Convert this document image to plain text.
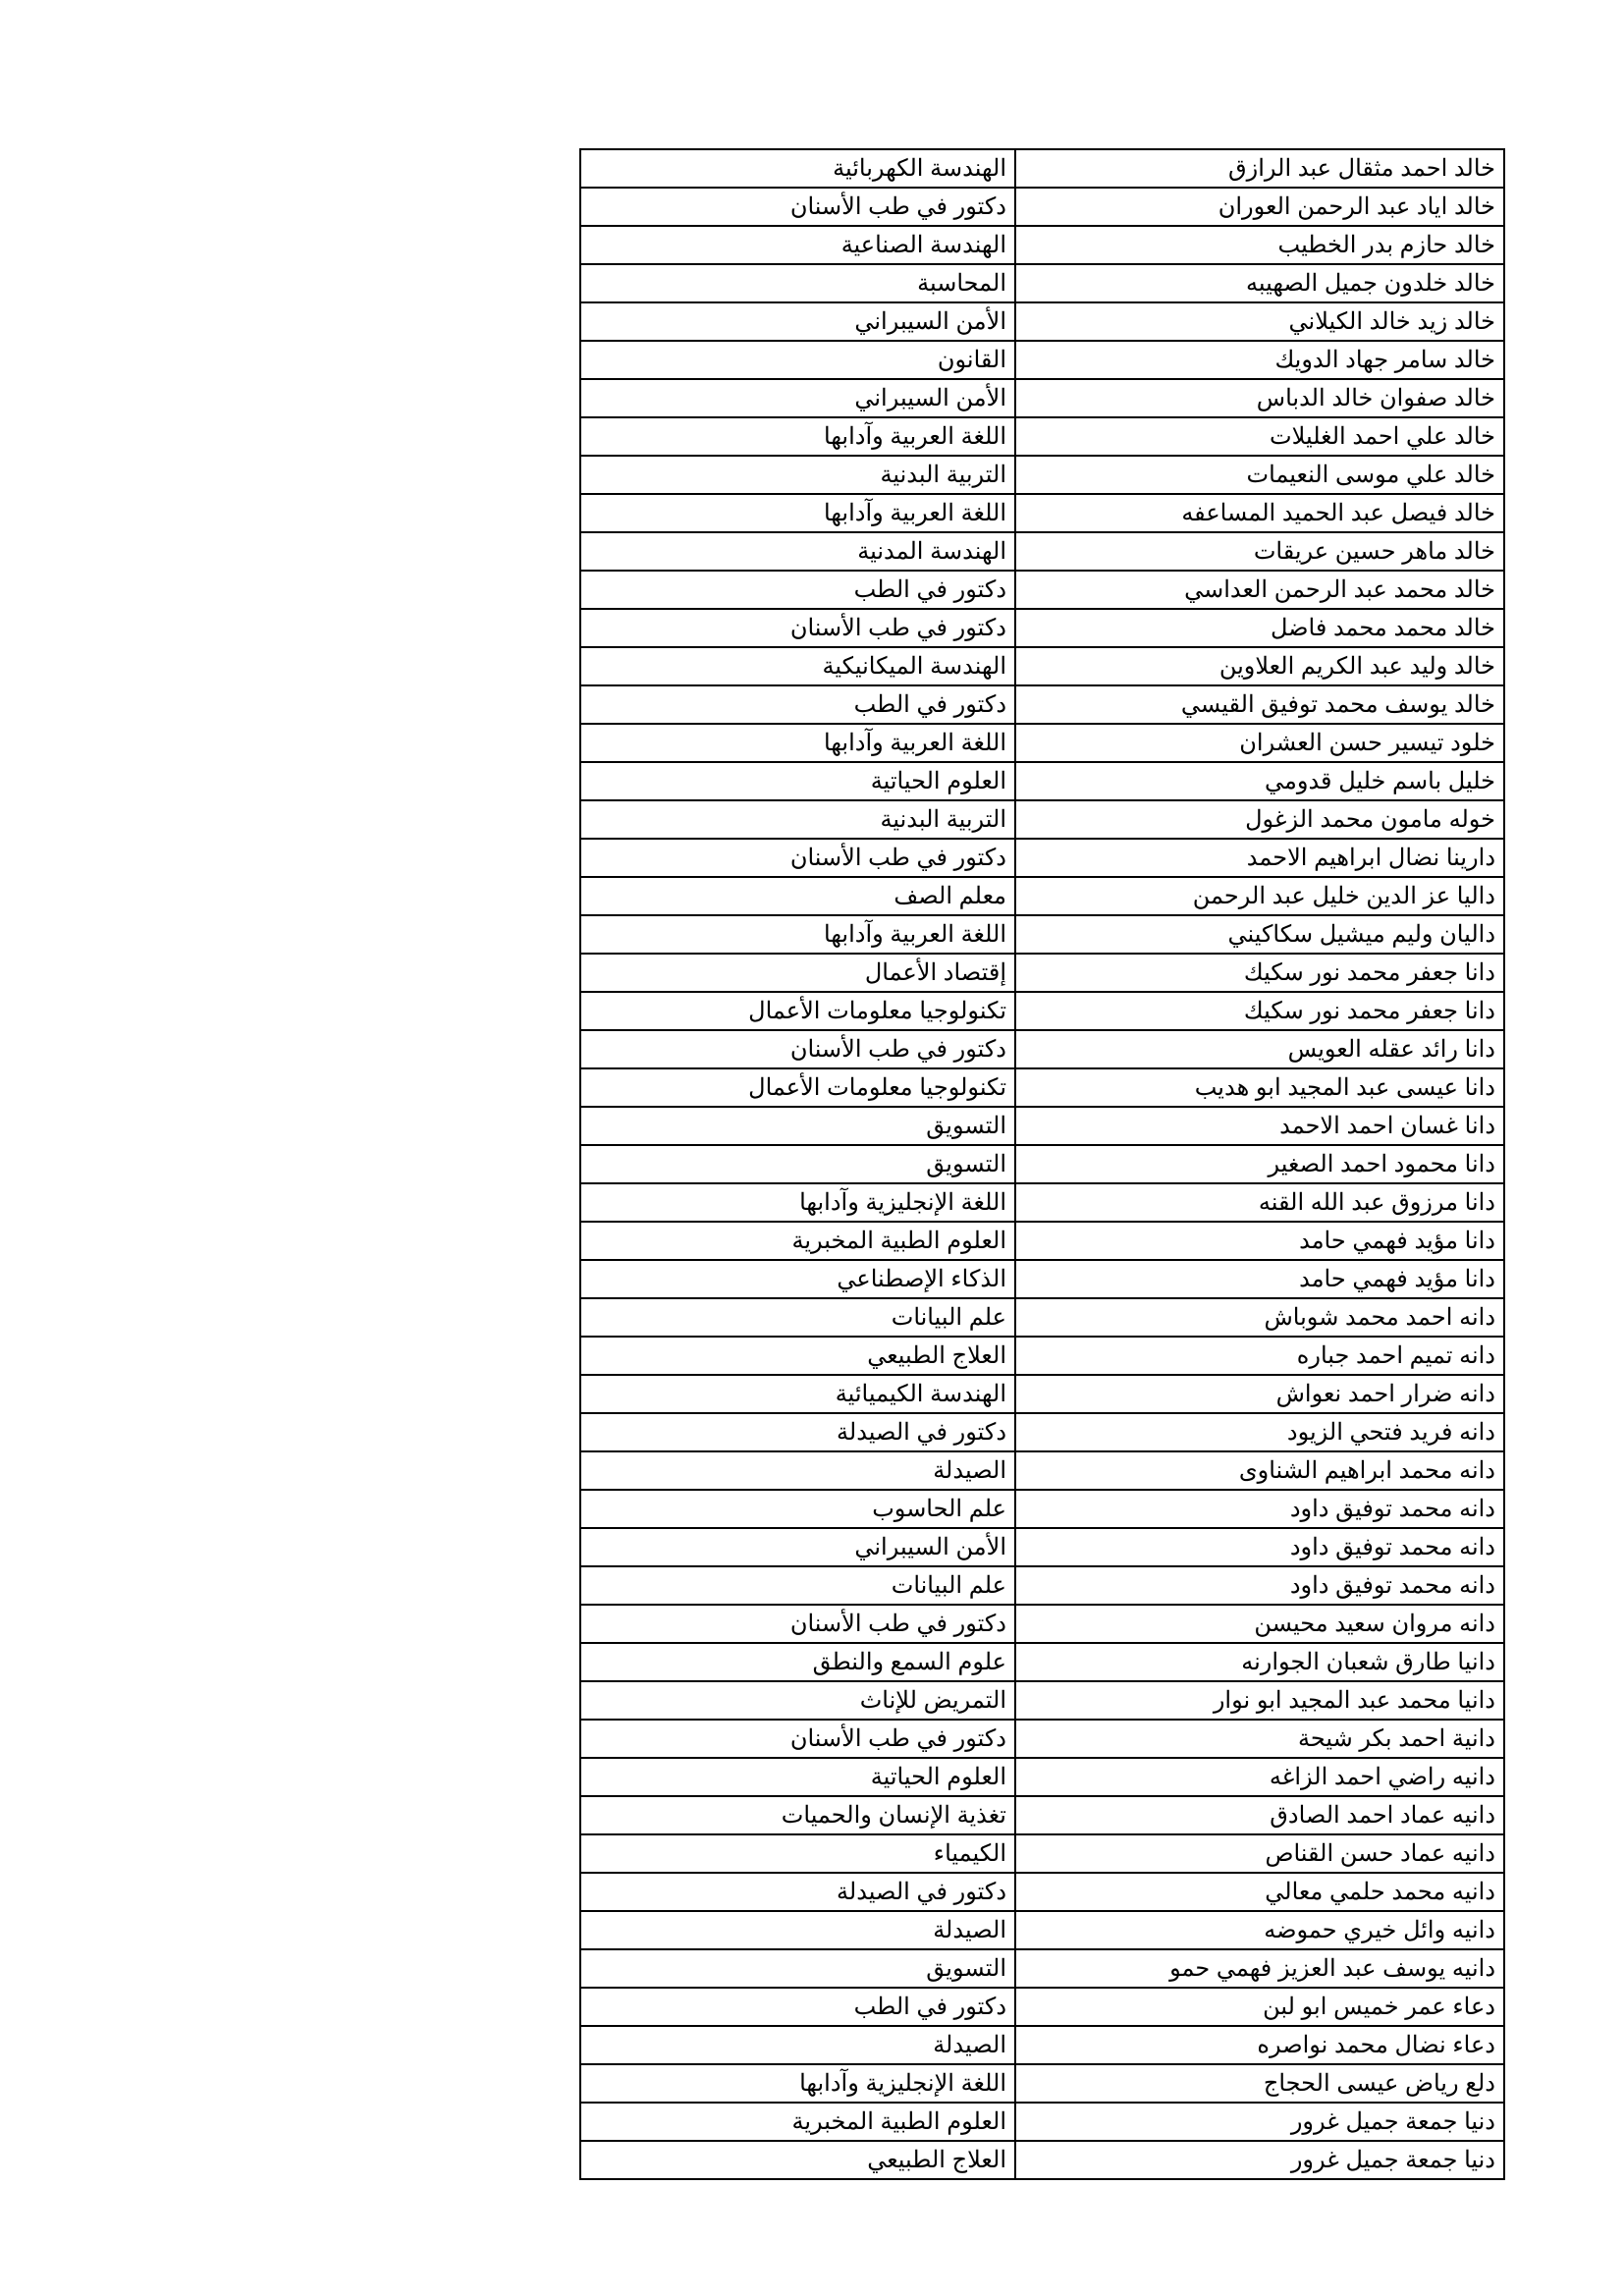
خالد احمد مثقال عبد الرازق	الهندسة الكهربائية
خالد اياد عبد الرحمن العوران	دكتور في طب الأسنان
خالد حازم بدر الخطيب	الهندسة الصناعية
خالد خلدون جميل الصهيبه	المحاسبة
خالد زيد خالد الكيلاني	الأمن السيبراني
خالد سامر جهاد الدويك	القانون
خالد صفوان خالد الدباس	الأمن السيبراني
خالد علي احمد الغليلات	اللغة العربية وآدابها
خالد علي موسى النعيمات	التربية البدنية
خالد فيصل عبد الحميد المساعفه	اللغة العربية وآدابها
خالد ماهر حسين عريقات	الهندسة المدنية
خالد محمد عبد الرحمن العداسي	دكتور في الطب
خالد محمد محمد فاضل	دكتور في طب الأسنان
خالد وليد عبد الكريم العلاوين	الهندسة الميكانيكية
خالد يوسف محمد توفيق القيسي	دكتور في الطب
خلود تيسير حسن العشران	اللغة العربية وآدابها
خليل باسم خليل قدومي	العلوم الحياتية
خوله مامون محمد الزغول	التربية البدنية
دارينا نضال ابراهيم الاحمد	دكتور في طب الأسنان
داليا عز الدين خليل عبد الرحمن	معلم الصف
داليان وليم ميشيل سكاكيني	اللغة العربية وآدابها
دانا جعفر محمد نور سكيك	إقتصاد الأعمال
دانا جعفر محمد نور سكيك	تكنولوجيا معلومات الأعمال
دانا رائد عقله العويس	دكتور في طب الأسنان
دانا عيسى عبد المجيد ابو هديب	تكنولوجيا معلومات الأعمال
دانا غسان احمد الاحمد	التسويق
دانا محمود احمد الصغير	التسويق
دانا مرزوق عبد الله القنه	اللغة الإنجليزية وآدابها
دانا مؤيد فهمي حامد	العلوم الطبية المخبرية
دانا مؤيد فهمي حامد	الذكاء الإصطناعي
دانه احمد محمد شوباش	علم البيانات
دانه تميم احمد جباره	العلاج الطبيعي
دانه ضرار احمد نعواش	الهندسة الكيميائية
دانه فريد فتحي الزيود	دكتور في الصيدلة
دانه محمد ابراهيم الشناوى	الصيدلة
دانه محمد توفيق داود	علم الحاسوب
دانه محمد توفيق داود	الأمن السيبراني
دانه محمد توفيق داود	علم البيانات
دانه مروان سعيد محيسن	دكتور في طب الأسنان
دانيا طارق شعبان الجوارنه	علوم السمع والنطق
دانيا محمد عبد المجيد ابو نوار	التمريض للإناث
دانية احمد بكر شيحة	دكتور في طب الأسنان
دانيه راضي احمد الزاغه	العلوم الحياتية
دانيه عماد احمد الصادق	تغذية الإنسان والحميات
دانيه عماد حسن القناص	الكيمياء
دانيه محمد حلمي معالي	دكتور في الصيدلة
دانيه وائل خيري حموضه	الصيدلة
دانيه يوسف عبد العزيز فهمي حمو	التسويق
دعاء عمر خميس ابو لبن	دكتور في الطب
دعاء نضال محمد نواصره	الصيدلة
دلع رياض عيسى الحجاج	اللغة الإنجليزية وآدابها
دنيا جمعة جميل غرور	العلوم الطبية المخبرية
دنيا جمعة جميل غرور	العلاج الطبيعي
